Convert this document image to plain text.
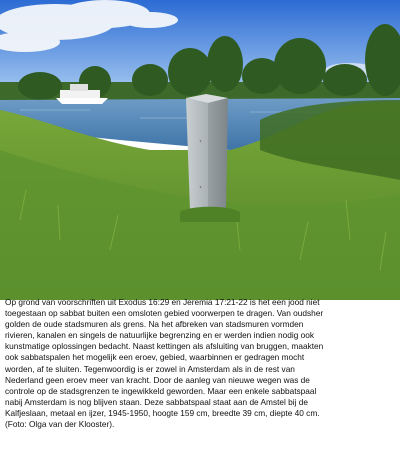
Op grond van voorschriften uit Exodus 16:29 en Jeremia 17:21-22 is het een jood niet
toegestaan op sabbat buiten een omsloten gebied voorwerpen te dragen. Van oudsher
golden de oude stadsmuren als grens. Na het afbreken van stadsmuren vormden
rivieren, kanalen en singels de natuurlijke begrenzing en er werden indien nodig ook
kunstmatige oplossingen bedacht. Naast kettingen als afsluiting van bruggen, maakten
ook sabbatspalen het mogelijk een eroev, gebied, waarbinnen er gedragen mocht
worden, af te sluiten. Tegenwoordig is er zowel in Amsterdam als in de rest van
Nederland geen eroev meer van kracht. Door de aanleg van nieuwe wegen was de
controle op de stadsgrenzen te ingewikkeld geworden. Maar een enkele sabbatspaal
nabij Amsterdam is nog blijven staan. Deze sabbatspaal staat aan de Amstel bij de
Kalfjeslaan, metaal en ijzer, 1945-1950, hoogte 159 cm, breedte 39 cm, diepte 40 cm.
(Foto: Olga van der Klooster).
